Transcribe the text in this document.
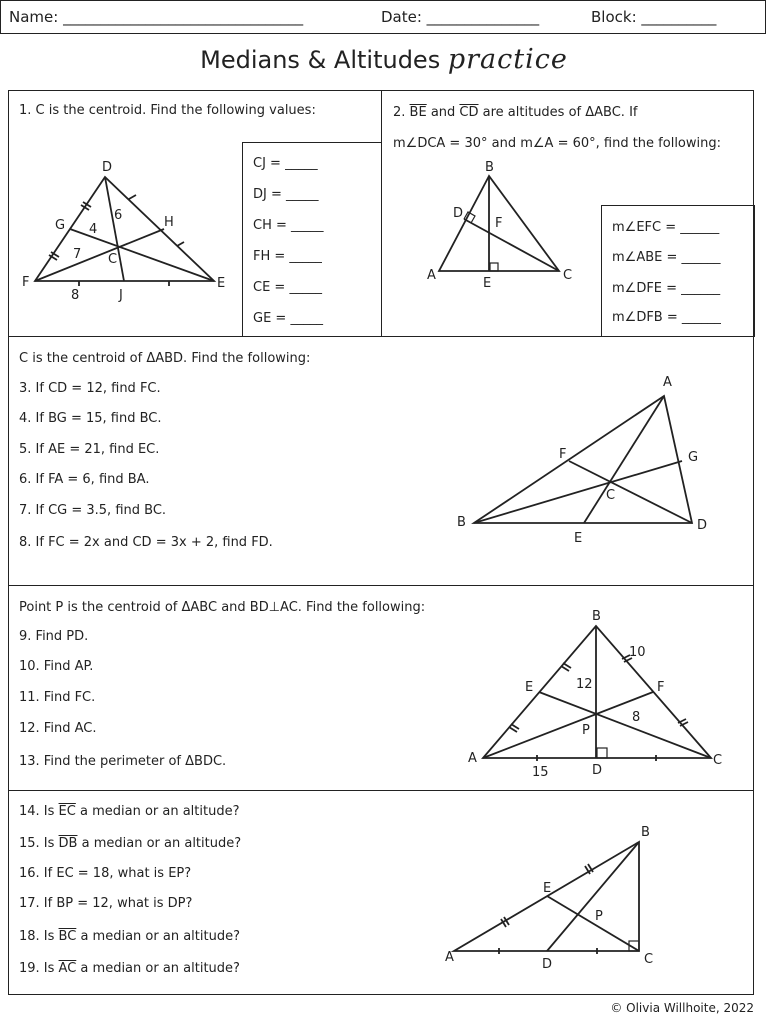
Name: ________________________________	Date: _______________	Block: __________
Medians & Altitudes practice
1. C is the centroid. Find the following values:
CJ = _____
DJ = _____
CH = _____
FH = _____
CE = _____
GE = _____
D
G	H
F
C
E
J
4
6
7
8
2. $\overline{BE}$ and $\overline{CD}$ are altitudes of ΔABC. If
m∠DCA = 30° and m∠A = 60°, find the following:
m∠EFC = ______
m∠ABE = ______
m∠DFE = ______
m∠DFB = ______
B
D
F
A
E
C
C is the centroid of ΔABD. Find the following:
3. If CD = 12, find FC.
4. If BG = 15, find BC.
5. If AE = 21, find EC.
6. If FA = 6, find BA.
7. If CG = 3.5, find BC.
8. If FC = 2x and CD = 3x + 2, find FD.
A
F	G
C
B	D
E
Point P is the centroid of ΔABC and BD⊥AC. Find the following:
9. Find PD.
10. Find AP.
11. Find FC.
12. Find AC.
13. Find the perimeter of ΔBDC.
B
E	F
P
A
D
C
10
12
8
15
14. Is $\overline{EC}$ a median or an altitude?
15. Is $\overline{DB}$ a median or an altitude?
16. If EC = 18, what is EP?
17. If BP = 12, what is DP?
18. Is $\overline{BC}$ a median or an altitude?
19. Is $\overline{AC}$ a median or an altitude?
B
E
P
A	D	C
© Olivia Willhoite, 2022
